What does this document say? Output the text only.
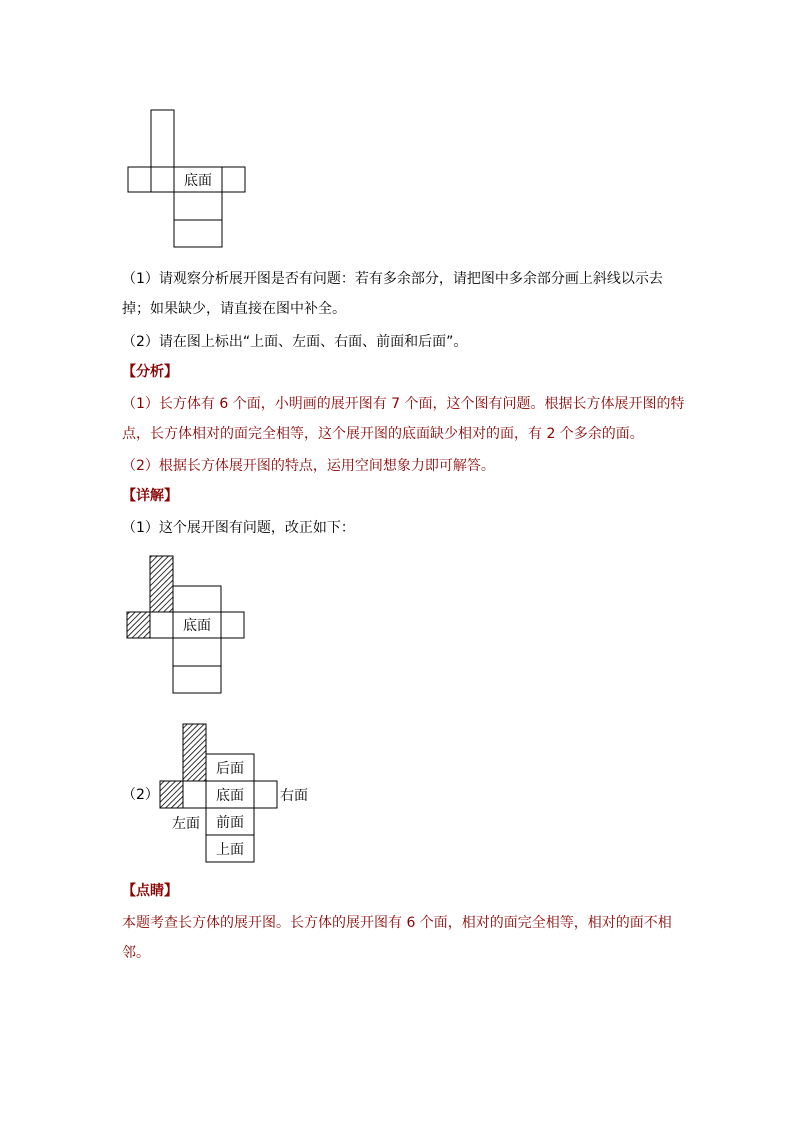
底面
底面
（2）
后面
底面	右面
左面 前面
上面
（1）请观察分析展开图是否有问题：若有多余部分，请把图中多余部分画上斜线以示去
掉；如果缺少，请直接在图中补全。
（2）请在图上标出“上面、左面、右面、前面和后面”。
【分析】
（1）长方体有 6 个面，小明画的展开图有 7 个面，这个图有问题。根据长方体展开图的特
点，长方体相对的面完全相等，这个展开图的底面缺少相对的面，有 2 个多余的面。
（2）根据长方体展开图的特点，运用空间想象力即可解答。
【详解】
（1）这个展开图有问题，改正如下：
【点睛】
本题考查长方体的展开图。长方体的展开图有 6 个面，相对的面完全相等，相对的面不相
邻。
